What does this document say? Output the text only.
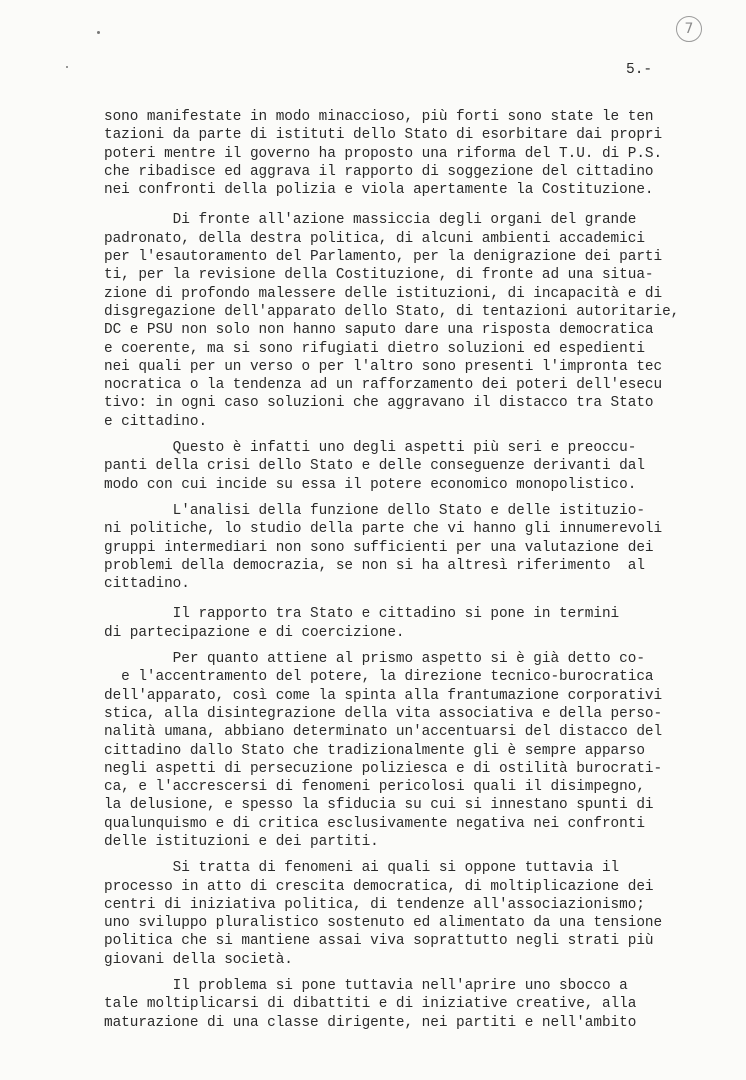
7
5.-
sono manifestate in modo minaccioso, più forti sono state le ten
tazioni da parte di istituti dello Stato di esorbitare dai propri
poteri mentre il governo ha proposto una riforma del T.U. di P.S.
che ribadisce ed aggrava il rapporto di soggezione del cittadino
nei confronti della polizia e viola apertamente la Costituzione.
Di fronte all'azione massiccia degli organi del grande
padronato, della destra politica, di alcuni ambienti accademici
per l'esautoramento del Parlamento, per la denigrazione dei parti
ti, per la revisione della Costituzione, di fronte ad una situa-
zione di profondo malessere delle istituzioni, di incapacità e di
disgregazione dell'apparato dello Stato, di tentazioni autoritarie,
DC e PSU non solo non hanno saputo dare una risposta democratica
e coerente, ma si sono rifugiati dietro soluzioni ed espedienti
nei quali per un verso o per l'altro sono presenti l'impronta tec
nocratica o la tendenza ad un rafforzamento dei poteri dell'esecu
tivo: in ogni caso soluzioni che aggravano il distacco tra Stato
e cittadino.
Questo è infatti uno degli aspetti più seri e preoccu-
panti della crisi dello Stato e delle conseguenze derivanti dal
modo con cui incide su essa il potere economico monopolistico.
L'analisi della funzione dello Stato e delle istituzio-
ni politiche, lo studio della parte che vi hanno gli innumerevoli
gruppi intermediari non sono sufficienti per una valutazione dei
problemi della democrazia, se non si ha altresì riferimento  al
cittadino.
Il rapporto tra Stato e cittadino si pone in termini
di partecipazione e di coercizione.
Per quanto attiene al prismo aspetto si è già detto co-
e l'accentramento del potere, la direzione tecnico-burocratica
dell'apparato, così come la spinta alla frantumazione corporativi
stica, alla disintegrazione della vita associativa e della perso-
nalità umana, abbiano determinato un'accentuarsi del distacco del
cittadino dallo Stato che tradizionalmente gli è sempre apparso
negli aspetti di persecuzione poliziesca e di ostilità burocrati-
ca, e l'accrescersi di fenomeni pericolosi quali il disimpegno,
la delusione, e spesso la sfiducia su cui si innestano spunti di
qualunquismo e di critica esclusivamente negativa nei confronti
delle istituzioni e dei partiti.
Si tratta di fenomeni ai quali si oppone tuttavia il
processo in atto di crescita democratica, di moltiplicazione dei
centri di iniziativa politica, di tendenze all'associazionismo;
uno sviluppo pluralistico sostenuto ed alimentato da una tensione
politica che si mantiene assai viva soprattutto negli strati più
giovani della società.
Il problema si pone tuttavia nell'aprire uno sbocco a
tale moltiplicarsi di dibattiti e di iniziative creative, alla
maturazione di una classe dirigente, nei partiti e nell'ambito
